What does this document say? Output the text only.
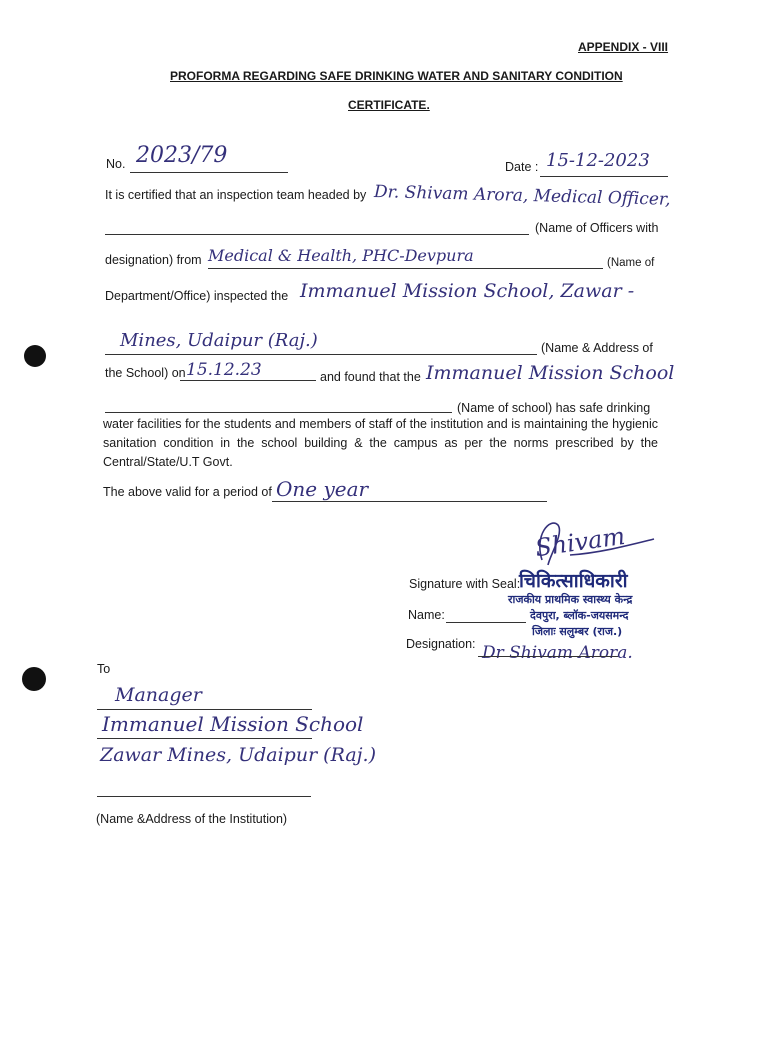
APPENDIX - VIII
PROFORMA REGARDING SAFE DRINKING WATER AND SANITARY CONDITION
CERTIFICATE.
No. 2023/79	Date : 15-12-2023
It is certified that an inspection team headed by Dr. Shivam Arora, Medical Officer,
(Name of Officers with
designation) from Medical & Health, PHC-Devpura	(Name of
Department/Office) inspected the Immanuel Mission School, Zawar -
Mines, Udaipur (Raj.)	(Name & Address of
the School) on 15.12.23	and found that the Immanuel Mission School
(Name of school) has safe drinking
water facilities for the students and members of staff of the institution and is maintaining the hygienic sanitation condition in the school building & the campus as per the norms prescribed by the Central/State/U.T Govt.
The above valid for a period of One year
Shivam
Signature with Seal:
चिकित्साधिकारी
राजकीय प्राथमिक स्वास्थ्य केन्द्र
Name:	देवपुरा, ब्लॉक-जयसमन्द
जिलाः सलुम्बर (राज.)
Designation: Dr Shivam Arora.
To
Manager
Immanuel Mission School
Zawar Mines, Udaipur (Raj.)
(Name &Address of the Institution)
